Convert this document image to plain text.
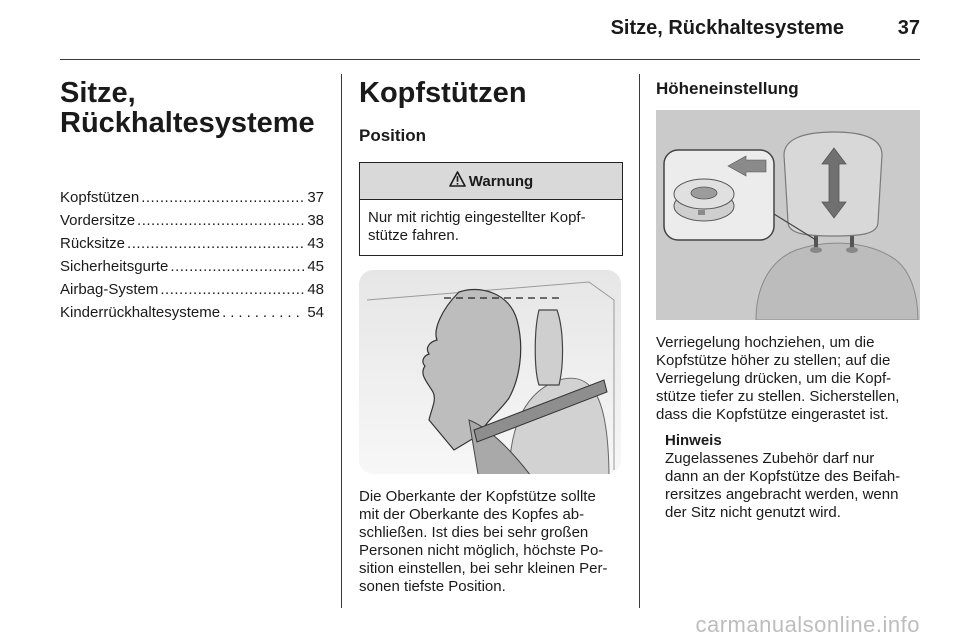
Sitze, Rückhaltesysteme	37
Sitze,
Rückhaltesysteme
Kopfstützen .....	37
Vordersitze .....	38
Rücksitze .....	43
Sicherheitsgurte .....	45
Airbag-System .....	48
Kinderrückhaltesysteme .....	54
Kopfstützen
Position
Warnung
Nur mit richtig eingestellter Kopf-
stütze fahren.
Die Oberkante der Kopfstütze sollte
mit der Oberkante des Kopfes ab-
schließen. Ist dies bei sehr großen
Personen nicht möglich, höchste Po-
sition einstellen, bei sehr kleinen Per-
sonen tiefste Position.
Höheneinstellung
Verriegelung hochziehen, um die
Kopfstütze höher zu stellen; auf die
Verriegelung drücken, um die Kopf-
stütze tiefer zu stellen. Sicherstellen,
dass die Kopfstütze eingerastet ist.
Hinweis
Zugelassenes Zubehör darf nur
dann an der Kopfstütze des Beifah-
rersitzes angebracht werden, wenn
der Sitz nicht genutzt wird.
carmanualsonline.info
